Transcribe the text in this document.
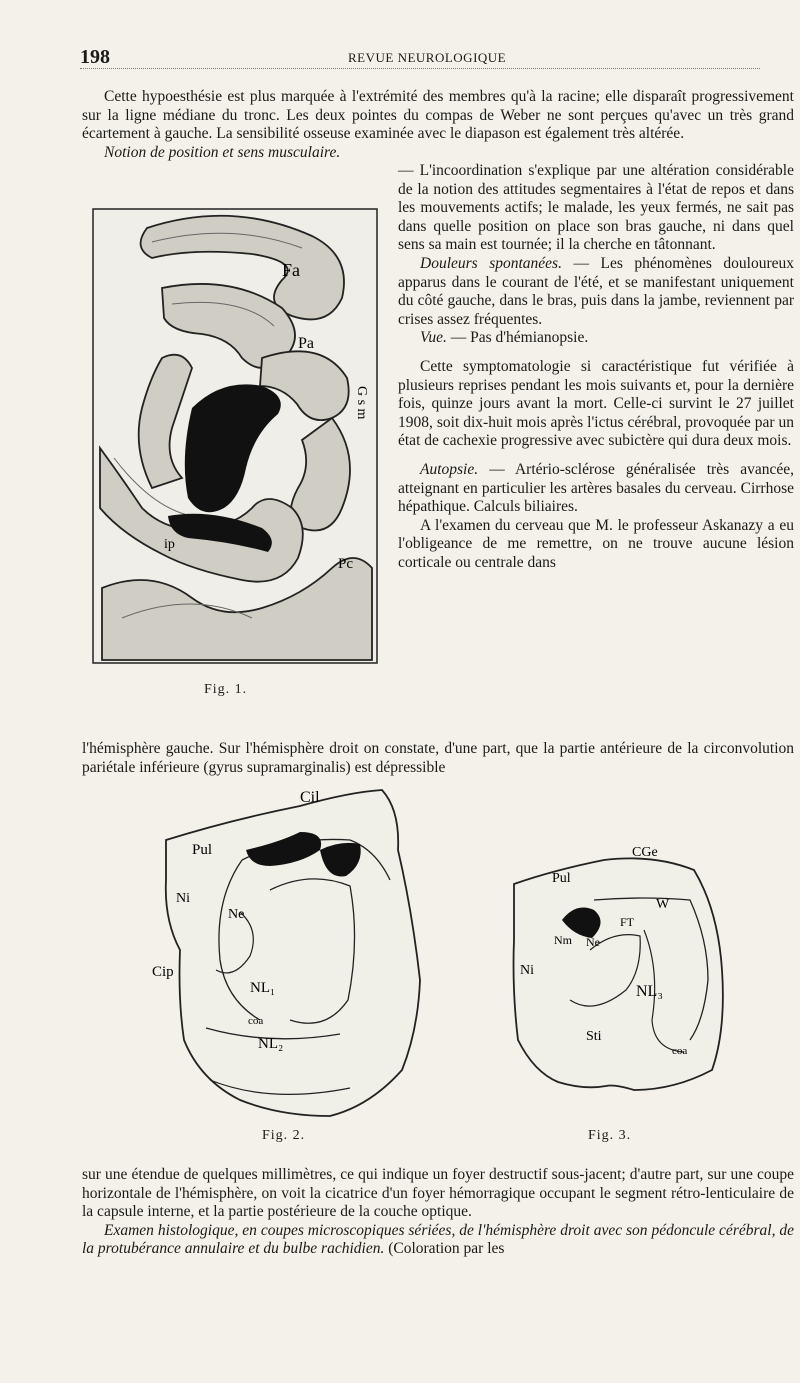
198	REVUE NEUROLOGIQUE

Cette hypoesthésie est plus marquée à l'extrémité des membres qu'à la racine; elle disparaît progressivement sur la ligne médiane du tronc. Les deux pointes du compas de Weber ne sont perçues qu'avec un très grand écartement à gauche. La sensibilité osseuse examinée avec le diapason est également très altérée.

Notion de position et sens musculaire.

— L'incoordination s'explique par une altération considérable de la notion des attitudes segmentaires à l'état de repos et dans les mouvements actifs; le malade, les yeux fermés, ne sait pas dans quelle position on place son bras gauche, ni dans quel sens sa main est tournée; il la cherche en tâtonnant.

Douleurs spontanées. — Les phénomènes douloureux apparus dans le courant de l'été, et se manifestant uniquement du côté gauche, dans le bras, puis dans la jambe, reviennent par crises assez fréquentes.

Vue. — Pas d'hémianopsie.

Cette symptomatologie si caractéristique fut vérifiée à plusieurs reprises pendant les mois suivants et, pour la dernière fois, quinze jours avant la mort. Celle-ci survint le 27 juillet 1908, soit dix-huit mois après l'ictus cérébral, provoquée par un état de cachexie progressive avec subictère qui dura deux mois.

Autopsie. — Artério-sclérose généralisée très avancée, atteignant en particulier les artères basales du cerveau. Cirrhose hépathique. Calculs biliaires.

A l'examen du cerveau que M. le professeur Askanazy a eu l'obligeance de me remettre, on ne trouve aucune lésion corticale ou centrale dans

l'hémisphère gauche. Sur l'hémisphère droit on constate, d'une part, que la partie antérieure de la circonvolution pariétale inférieure (gyrus supramarginalis) est dépressible

Fa
Pa
G s m
ip
Pc
Fig. 1.
Cil
Pul
Ni
Ne
Cip
NL₁
coa
NL₂
Fig. 2.
CGe
Pul
W
Nm Ne
FT
Ni
NL₃
Sti
coa
Fig. 3.

sur une étendue de quelques millimètres, ce qui indique un foyer destructif sous-jacent; d'autre part, sur une coupe horizontale de l'hémisphère, on voit la cicatrice d'un foyer hémorragique occupant le segment rétro-lenticulaire de la capsule interne, et la partie postérieure de la couche optique.

Examen histologique, en coupes microscopiques sériées, de l'hémisphère droit avec son pédoncule cérébral, de la protubérance annulaire et du bulbe rachidien. (Coloration par les
